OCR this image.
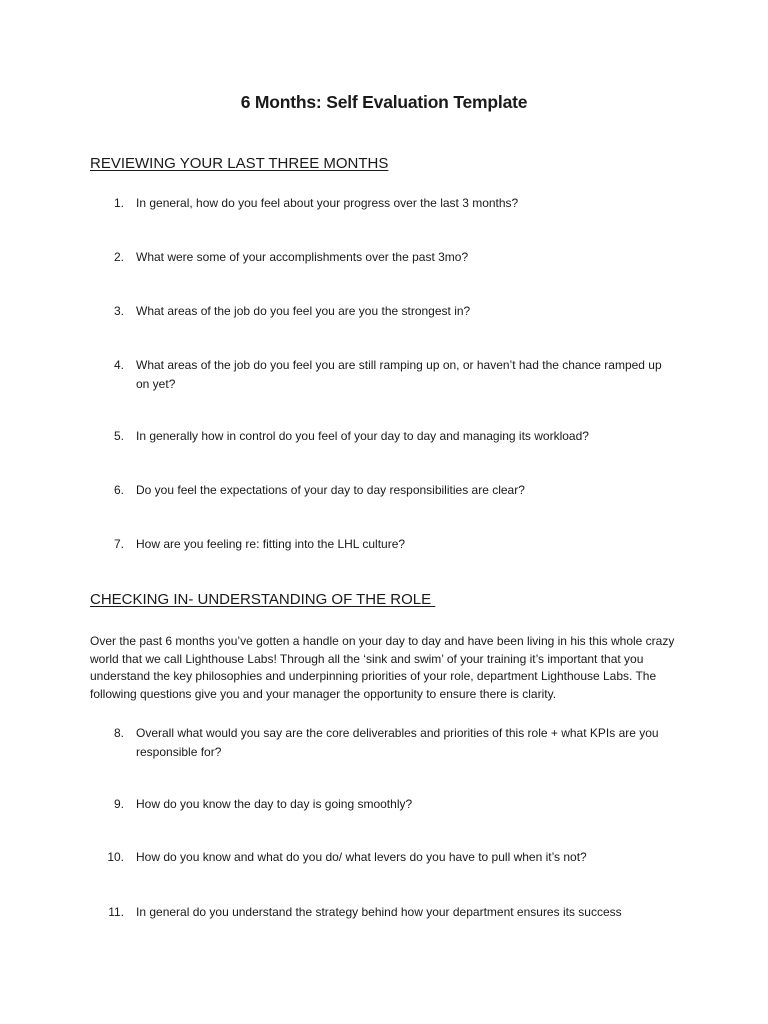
6 Months: Self Evaluation Template
REVIEWING YOUR LAST THREE MONTHS
1. In general, how do you feel about your progress over the last 3 months?
2. What were some of your accomplishments over the past 3mo?
3. What areas of the job do you feel you are you the strongest in?
4. What areas of the job do you feel you are still ramping up on, or haven’t had the chance ramped up on yet?
5. In generally how in control do you feel of your day to day and managing its workload?
6. Do you feel the expectations of your day to day responsibilities are clear?
7. How are you feeling re: fitting into the LHL culture?
CHECKING IN- UNDERSTANDING OF THE ROLE

Over the past 6 months you’ve gotten a handle on your day to day and have been living in his this whole crazy world that we call Lighthouse Labs! Through all the ‘sink and swim’ of your training it’s important that you understand the key philosophies and underpinning priorities of your role, department Lighthouse Labs. The following questions give you and your manager the opportunity to ensure there is clarity.

8. Overall what would you say are the core deliverables and priorities of this role + what KPIs are you responsible for?
9. How do you know the day to day is going smoothly?
10. How do you know and what do you do/ what levers do you have to pull when it’s not?
11. In general do you understand the strategy behind how your department ensures its success
